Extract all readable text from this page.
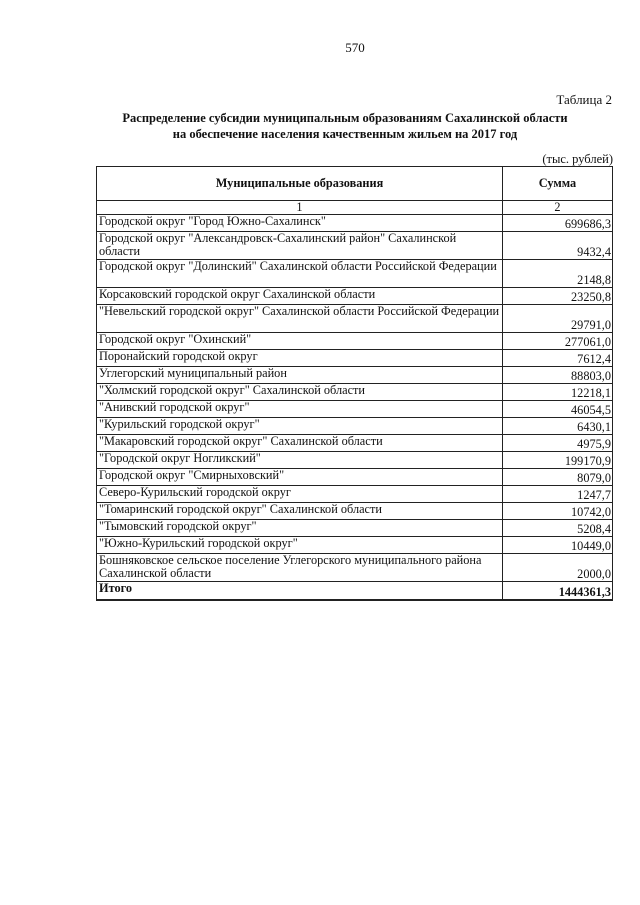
570
Таблица 2
Распределение субсидии муниципальным образованиям Сахалинской области
на обеспечение населения качественным жильем на 2017 год
(тыс. рублей)
Муниципальные образования	Сумма
1	2
Городской округ "Город Южно-Сахалинск"	699686,3
Городской округ "Александровск-Сахалинский район" Сахалинской области	9432,4
Городской округ "Долинский" Сахалинской области Российской Федерации	2148,8
Корсаковский городской округ Сахалинской области	23250,8
"Невельский городской округ" Сахалинской области Российской Федерации	29791,0
Городской округ "Охинский"	277061,0
Поронайский городской округ	7612,4
Углегорский муниципальный район	88803,0
"Холмский городской округ" Сахалинской области	12218,1
"Анивский городской округ"	46054,5
"Курильский городской округ"	6430,1
"Макаровский городской округ" Сахалинской области	4975,9
"Городской округ Ногликский"	199170,9
Городской округ "Смирныховский"	8079,0
Северо-Курильский городской округ	1247,7
"Томаринский городской округ" Сахалинской области	10742,0
"Тымовский городской округ"	5208,4
"Южно-Курильский городской округ"	10449,0
Бошняковское сельское поселение Углегорского муниципального района Сахалинской области	2000,0
Итого	1444361,3
